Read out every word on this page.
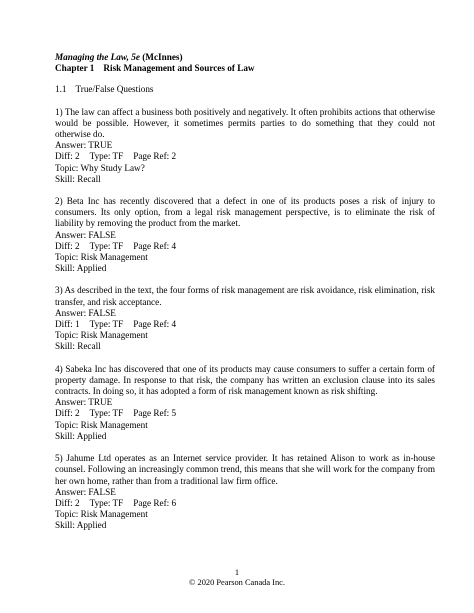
Managing the Law, 5e (McInnes)

Chapter 1 Risk Management and Sources of Law

1.1 True/False Questions

1) The law can affect a business both positively and negatively. It often prohibits actions that otherwise would be possible. However, it sometimes permits parties to do something that they could not otherwise do.

Answer: TRUE

Diff: 2 Type: TF Page Ref: 2

Topic: Why Study Law?

Skill: Recall

2) Beta Inc has recently discovered that a defect in one of its products poses a risk of injury to consumers. Its only option, from a legal risk management perspective, is to eliminate the risk of liability by removing the product from the market.

Answer: FALSE

Diff: 2 Type: TF Page Ref: 4

Topic: Risk Management

Skill: Applied

3) As described in the text, the four forms of risk management are risk avoidance, risk elimination, risk transfer, and risk acceptance.

Answer: FALSE

Diff: 1 Type: TF Page Ref: 4

Topic: Risk Management

Skill: Recall

4) Sabeka Inc has discovered that one of its products may cause consumers to suffer a certain form of property damage. In response to that risk, the company has written an exclusion clause into its sales contracts. In doing so, it has adopted a form of risk management known as risk shifting.

Answer: TRUE

Diff: 2 Type: TF Page Ref: 5

Topic: Risk Management

Skill: Applied

5) Jahume Ltd operates as an Internet service provider. It has retained Alison to work as in-house counsel. Following an increasingly common trend, this means that she will work for the company from her own home, rather than from a traditional law firm office.

Answer: FALSE

Diff: 2 Type: TF Page Ref: 6

Topic: Risk Management

Skill: Applied

1
© 2020 Pearson Canada Inc.
